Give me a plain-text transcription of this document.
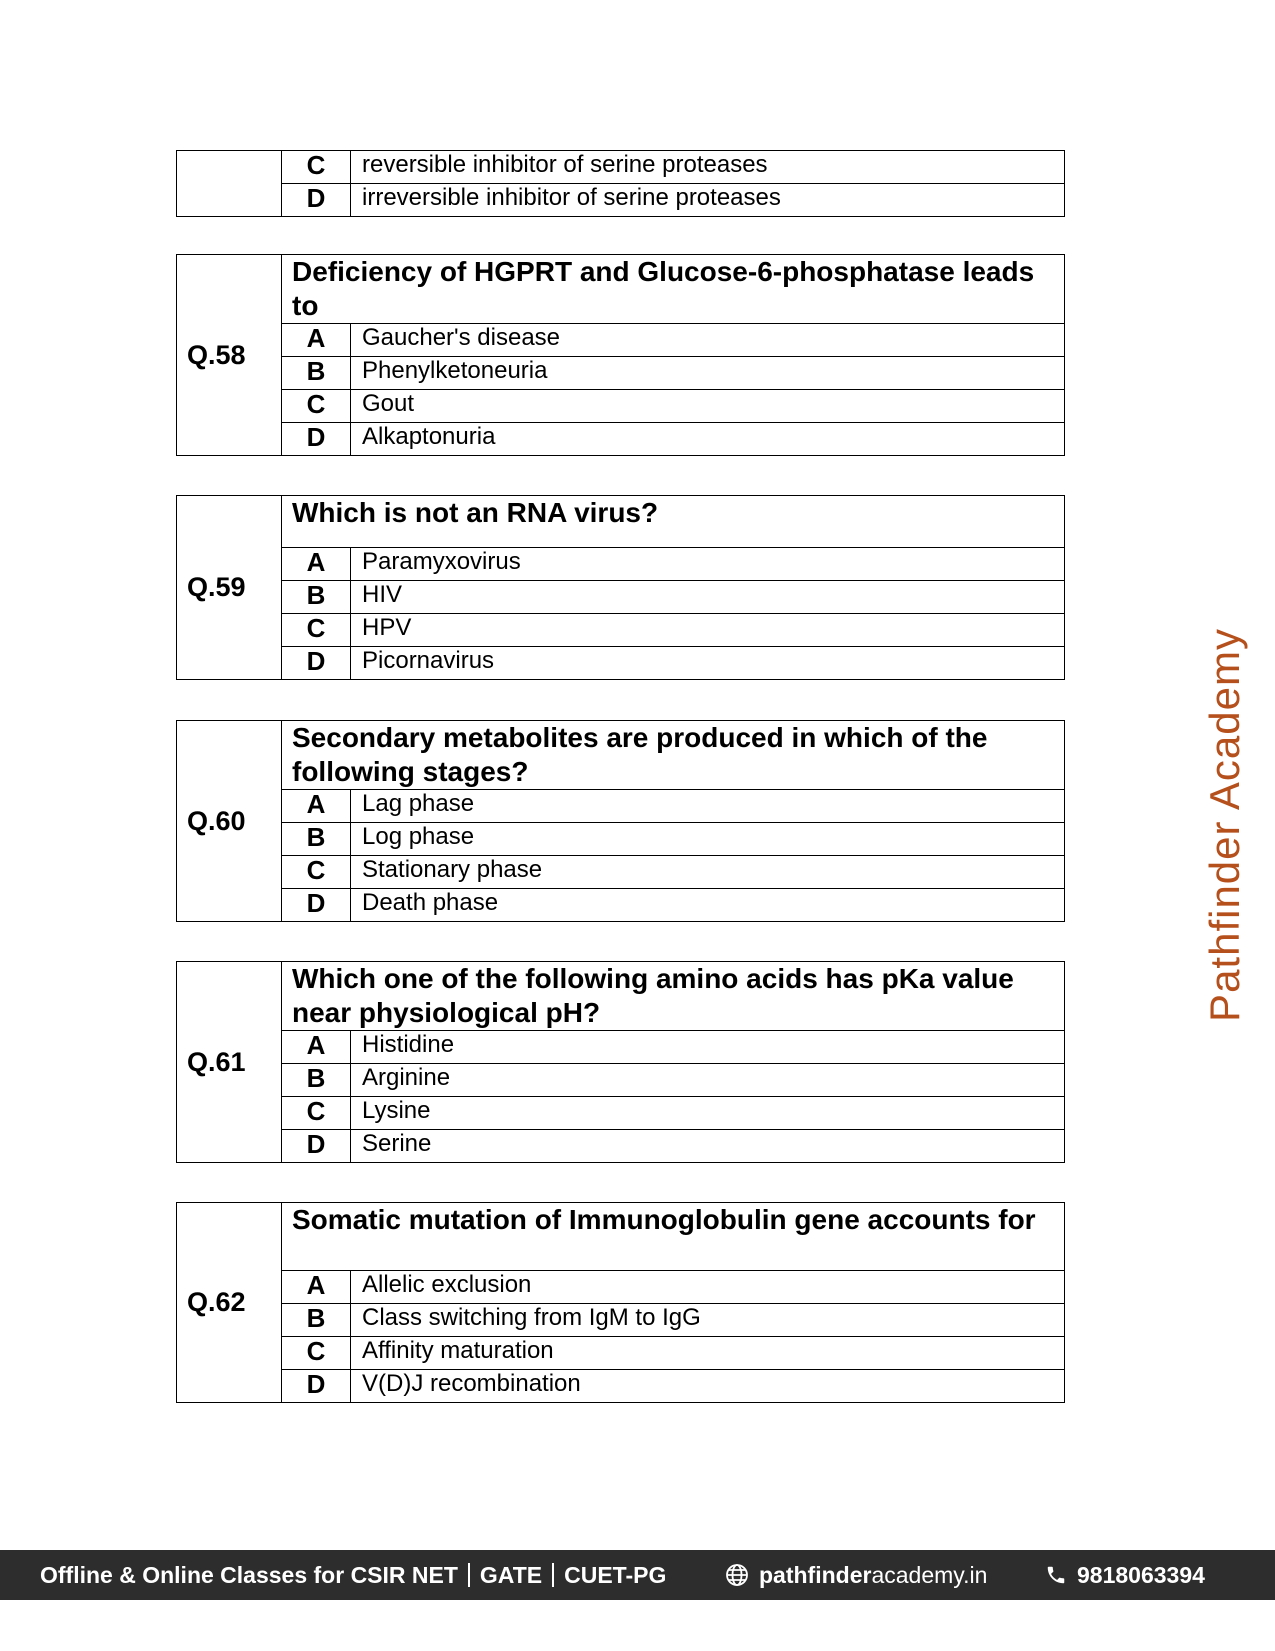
	C	reversible inhibitor of serine proteases
	D	irreversible inhibitor of serine proteases
Q.58	Deficiency of HGPRT and Glucose-6-phosphatase leads to	
	A	Gaucher's disease
	B	Phenylketoneuria
	C	Gout
	D	Alkaptonuria
Q.59	Which is not an RNA virus?	
	A	Paramyxovirus
	B	HIV
	C	HPV
	D	Picornavirus
Q.60	Secondary metabolites are produced in which of the following stages?	
	A	Lag phase
	B	Log phase
	C	Stationary phase
	D	Death phase
Q.61	Which one of the following amino acids has pKa value near physiological pH?	
	A	Histidine
	B	Arginine
	C	Lysine
	D	Serine
Q.62	Somatic mutation of Immunoglobulin gene accounts for	
	A	Allelic exclusion
	B	Class switching from IgM to IgG
	C	Affinity maturation
	D	V(D)J recombination
Pathfinder Academy
Offline & Online Classes for CSIR NET GATE CUET-PG	pathfinderacademy.in	9818063394
